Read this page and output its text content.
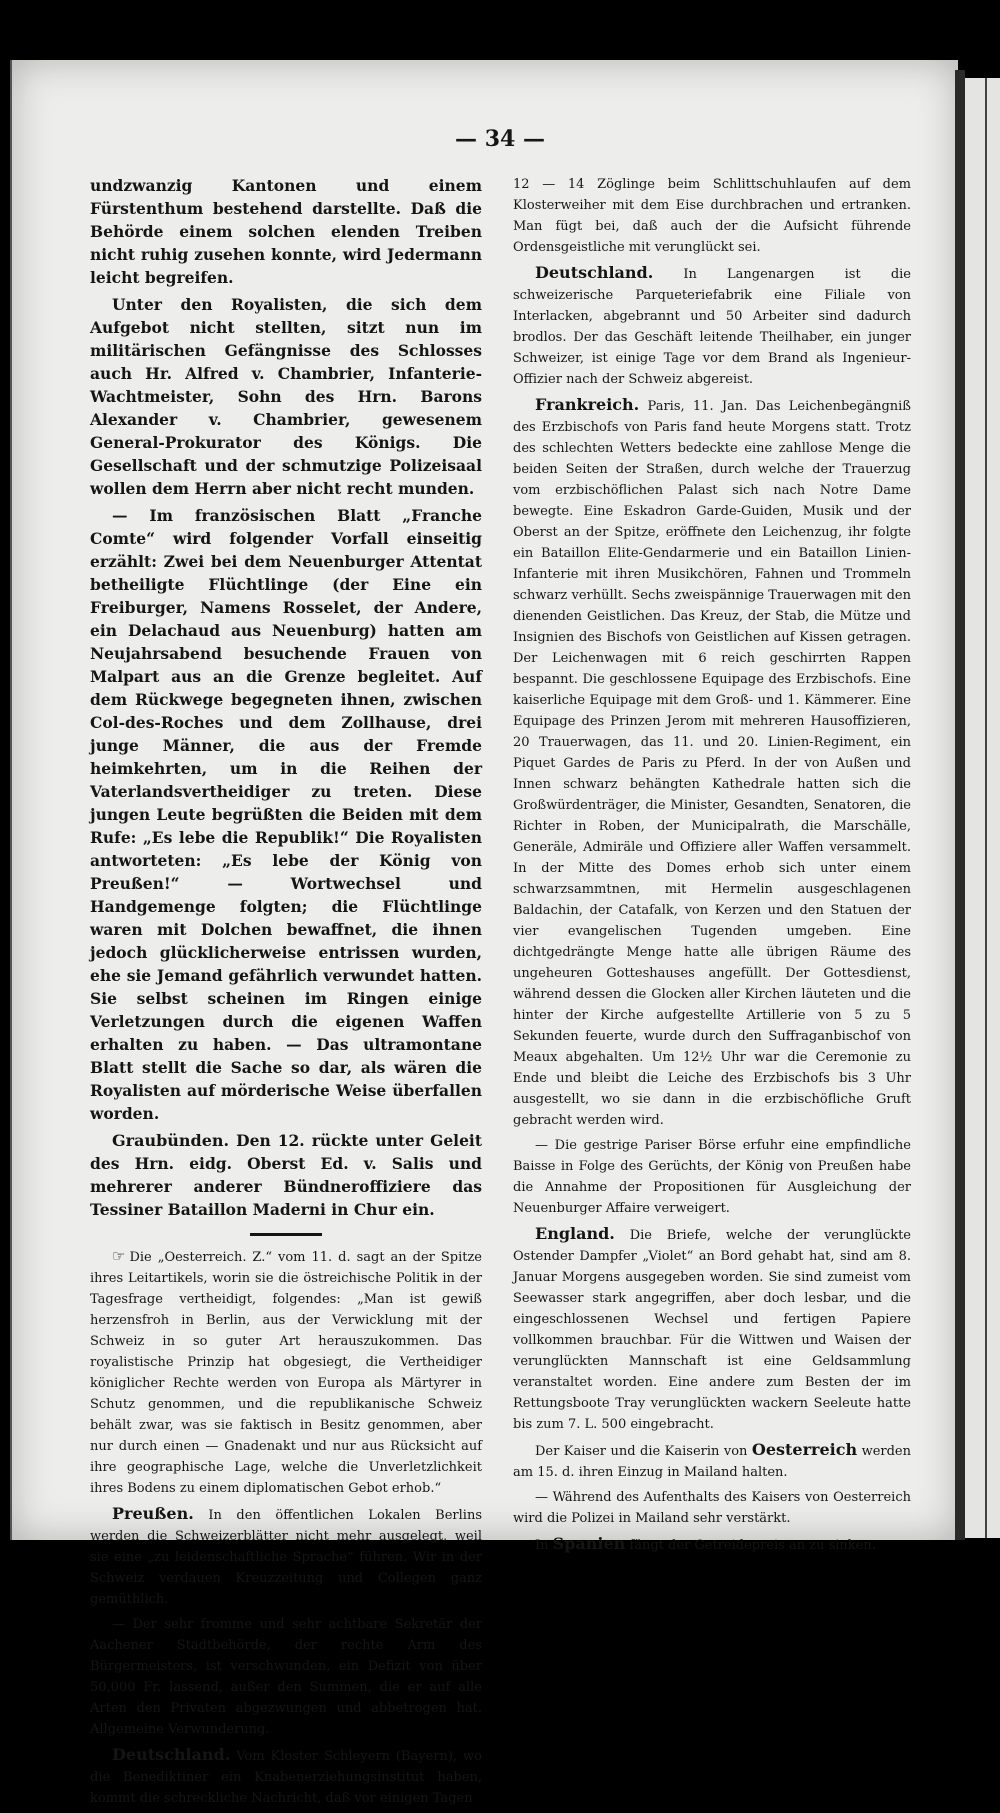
— 34 —

undzwanzig Kantonen und einem Fürstenthum bestehend darstellte. Daß die Behörde einem solchen elenden Treiben nicht ruhig zusehen konnte, wird Jedermann leicht begreifen.

Unter den Royalisten, die sich dem Aufgebot nicht stellten, sitzt nun im militärischen Gefängnisse des Schlosses auch Hr. Alfred v. Chambrier, Infanterie-Wachtmeister, Sohn des Hrn. Barons Alexander v. Chambrier, gewesenem General-Prokurator des Königs. Die Gesellschaft und der schmutzige Polizeisaal wollen dem Herrn aber nicht recht munden.

— Im französischen Blatt „Franche Comte“ wird folgender Vorfall einseitig erzählt: Zwei bei dem Neuenburger Attentat betheiligte Flüchtlinge (der Eine ein Freiburger, Namens Rosselet, der Andere, ein Delachaud aus Neuenburg) hatten am Neujahrsabend besuchende Frauen von Malpart aus an die Grenze begleitet. Auf dem Rückwege begegneten ihnen, zwischen Col-des-Roches und dem Zollhause, drei junge Männer, die aus der Fremde heimkehrten, um in die Reihen der Vaterlandsvertheidiger zu treten. Diese jungen Leute begrüßten die Beiden mit dem Rufe: „Es lebe die Republik!“ Die Royalisten antworteten: „Es lebe der König von Preußen!“ — Wortwechsel und Handgemenge folgten; die Flüchtlinge waren mit Dolchen bewaffnet, die ihnen jedoch glücklicherweise entrissen wurden, ehe sie Jemand gefährlich verwundet hatten. Sie selbst scheinen im Ringen einige Verletzungen durch die eigenen Waffen erhalten zu haben. — Das ultramontane Blatt stellt die Sache so dar, als wären die Royalisten auf mörderische Weise überfallen worden.

Graubünden. Den 12. rückte unter Geleit des Hrn. eidg. Oberst Ed. v. Salis und mehrerer anderer Bündneroffiziere das Tessiner Bataillon Maderni in Chur ein.

☞ Die „Oesterreich. Z.“ vom 11. d. sagt an der Spitze ihres Leitartikels, worin sie die östreichische Politik in der Tagesfrage vertheidigt, folgendes: „Man ist gewiß herzensfroh in Berlin, aus der Verwicklung mit der Schweiz in so guter Art herauszukommen. Das royalistische Prinzip hat obgesiegt, die Vertheidiger königlicher Rechte werden von Europa als Märtyrer in Schutz genommen, und die republikanische Schweiz behält zwar, was sie faktisch in Besitz genommen, aber nur durch einen — Gnadenakt und nur aus Rücksicht auf ihre geographische Lage, welche die Unverletzlichkeit ihres Bodens zu einem diplomatischen Gebot erhob.“

Preußen. In den öffentlichen Lokalen Berlins werden die Schweizerblätter nicht mehr ausgelegt, weil sie eine „zu leidenschaftliche Sprache“ führen. Wir in der Schweiz verdauen Kreuzzeitung und Collegen ganz gemüthlich.

— Der sehr fromme und sehr achtbare Sekretär der Aachener Stadtbehörde, der rechte Arm des Bürgermeisters, ist verschwunden, ein Defizit von über 50,000 Fr. lassend, außer den Summen, die er auf alle Arten den Privaten abgezwungen und abbetrogen hat. Allgemeine Verwunderung.

Deutschland. Vom Kloster Schleyern (Bayern), wo die Benediktiner ein Knabenerziehungsinstitut haben, kommt die schreckliche Nachricht, daß vor einigen Tagen

12 — 14 Zöglinge beim Schlittschuhlaufen auf dem Klosterweiher mit dem Eise durchbrachen und ertranken. Man fügt bei, daß auch der die Aufsicht führende Ordensgeistliche mit verunglückt sei.

Deutschland. In Langenargen ist die schweizerische Parqueteriefabrik eine Filiale von Interlacken, abgebrannt und 50 Arbeiter sind dadurch brodlos. Der das Geschäft leitende Theilhaber, ein junger Schweizer, ist einige Tage vor dem Brand als Ingenieur-Offizier nach der Schweiz abgereist.

Frankreich. Paris, 11. Jan. Das Leichenbegängniß des Erzbischofs von Paris fand heute Morgens statt. Trotz des schlechten Wetters bedeckte eine zahllose Menge die beiden Seiten der Straßen, durch welche der Trauerzug vom erzbischöflichen Palast sich nach Notre Dame bewegte. Eine Eskadron Garde-Guiden, Musik und der Oberst an der Spitze, eröffnete den Leichenzug, ihr folgte ein Bataillon Elite-Gendarmerie und ein Bataillon Linien-Infanterie mit ihren Musikchören, Fahnen und Trommeln schwarz verhüllt. Sechs zweispännige Trauerwagen mit den dienenden Geistlichen. Das Kreuz, der Stab, die Mütze und Insignien des Bischofs von Geistlichen auf Kissen getragen. Der Leichenwagen mit 6 reich geschirrten Rappen bespannt. Die geschlossene Equipage des Erzbischofs. Eine kaiserliche Equipage mit dem Groß- und 1. Kämmerer. Eine Equipage des Prinzen Jerom mit mehreren Hausoffizieren, 20 Trauerwagen, das 11. und 20. Linien-Regiment, ein Piquet Gardes de Paris zu Pferd. In der von Außen und Innen schwarz behängten Kathedrale hatten sich die Großwürdenträger, die Minister, Gesandten, Senatoren, die Richter in Roben, der Municipalrath, die Marschälle, Generäle, Admiräle und Offiziere aller Waffen versammelt. In der Mitte des Domes erhob sich unter einem schwarzsammtnen, mit Hermelin ausgeschlagenen Baldachin, der Catafalk, von Kerzen und den Statuen der vier evangelischen Tugenden umgeben. Eine dichtgedrängte Menge hatte alle übrigen Räume des ungeheuren Gotteshauses angefüllt. Der Gottesdienst, während dessen die Glocken aller Kirchen läuteten und die hinter der Kirche aufgestellte Artillerie von 5 zu 5 Sekunden feuerte, wurde durch den Suffraganbischof von Meaux abgehalten. Um 12½ Uhr war die Ceremonie zu Ende und bleibt die Leiche des Erzbischofs bis 3 Uhr ausgestellt, wo sie dann in die erzbischöfliche Gruft gebracht werden wird.

— Die gestrige Pariser Börse erfuhr eine empfindliche Baisse in Folge des Gerüchts, der König von Preußen habe die Annahme der Propositionen für Ausgleichung der Neuenburger Affaire verweigert.

England. Die Briefe, welche der verunglückte Ostender Dampfer „Violet“ an Bord gehabt hat, sind am 8. Januar Morgens ausgegeben worden. Sie sind zumeist vom Seewasser stark angegriffen, aber doch lesbar, und die eingeschlossenen Wechsel und fertigen Papiere vollkommen brauchbar. Für die Wittwen und Waisen der verunglückten Mannschaft ist eine Geldsammlung veranstaltet worden. Eine andere zum Besten der im Rettungsboote Tray verunglückten wackern Seeleute hatte bis zum 7. L. 500 eingebracht.

Der Kaiser und die Kaiserin von Oesterreich werden am 15. d. ihren Einzug in Mailand halten.

— Während des Aufenthalts des Kaisers von Oesterreich wird die Polizei in Mailand sehr verstärkt.

In Spanien fängt der Getreidepreis an zu sinken.
